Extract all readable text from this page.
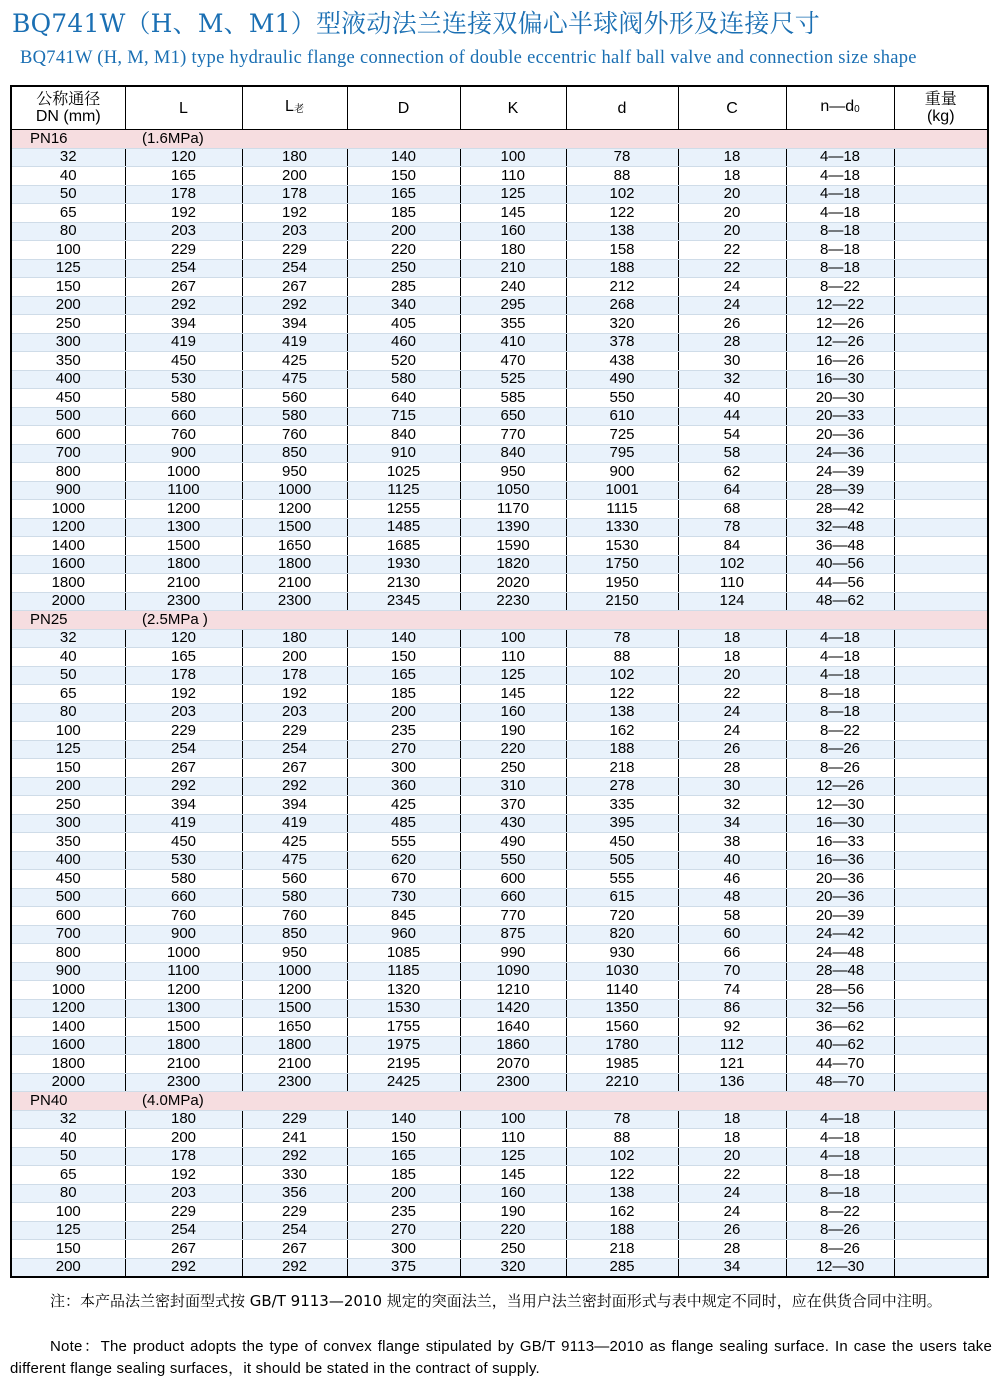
BQ741W（H、M、M1）型液动法兰连接双偏心半球阀外形及连接尺寸
BQ741W (H, M, M1) type hydraulic flange connection of double eccentric half ball valve and connection size shape
公称通径
DN (mm)	L	$L_老$	D	K	d	C	$n—d_0$	重量
(kg)
PN16 (1.6MPa)								
32	120	180	140	100	78	18	4—18	
40	165	200	150	110	88	18	4—18	
50	178	178	165	125	102	20	4—18	
65	192	192	185	145	122	20	4—18	
80	203	203	200	160	138	20	8—18	
100	229	229	220	180	158	22	8—18	
125	254	254	250	210	188	22	8—18	
150	267	267	285	240	212	24	8—22	
200	292	292	340	295	268	24	12—22	
250	394	394	405	355	320	26	12—26	
300	419	419	460	410	378	28	12—26	
350	450	425	520	470	438	30	16—26	
400	530	475	580	525	490	32	16—30	
450	580	560	640	585	550	40	20—30	
500	660	580	715	650	610	44	20—33	
600	760	760	840	770	725	54	20—36	
700	900	850	910	840	795	58	24—36	
800	1000	950	1025	950	900	62	24—39	
900	1100	1000	1125	1050	1001	64	28—39	
1000	1200	1200	1255	1170	1115	68	28—42	
1200	1300	1500	1485	1390	1330	78	32—48	
1400	1500	1650	1685	1590	1530	84	36—48	
1600	1800	1800	1930	1820	1750	102	40—56	
1800	2100	2100	2130	2020	1950	110	44—56	
2000	2300	2300	2345	2230	2150	124	48—62	
PN25 (2.5MPa )								
32	120	180	140	100	78	18	4—18	
40	165	200	150	110	88	18	4—18	
50	178	178	165	125	102	20	4—18	
65	192	192	185	145	122	22	8—18	
80	203	203	200	160	138	24	8—18	
100	229	229	235	190	162	24	8—22	
125	254	254	270	220	188	26	8—26	
150	267	267	300	250	218	28	8—26	
200	292	292	360	310	278	30	12—26	
250	394	394	425	370	335	32	12—30	
300	419	419	485	430	395	34	16—30	
350	450	425	555	490	450	38	16—33	
400	530	475	620	550	505	40	16—36	
450	580	560	670	600	555	46	20—36	
500	660	580	730	660	615	48	20—36	
600	760	760	845	770	720	58	20—39	
700	900	850	960	875	820	60	24—42	
800	1000	950	1085	990	930	66	24—48	
900	1100	1000	1185	1090	1030	70	28—48	
1000	1200	1200	1320	1210	1140	74	28—56	
1200	1300	1500	1530	1420	1350	86	32—56	
1400	1500	1650	1755	1640	1560	92	36—62	
1600	1800	1800	1975	1860	1780	112	40—62	
1800	2100	2100	2195	2070	1985	121	44—70	
2000	2300	2300	2425	2300	2210	136	48—70	
PN40 (4.0MPa)								
32	180	229	140	100	78	18	4—18	
40	200	241	150	110	88	18	4—18	
50	178	292	165	125	102	20	4—18	
65	192	330	185	145	122	22	8—18	
80	203	356	200	160	138	24	8—18	
100	229	229	235	190	162	24	8—22	
125	254	254	270	220	188	26	8—26	
150	267	267	300	250	218	28	8—26	
200	292	292	375	320	285	34	12—30	

注：本产品法兰密封面型式按 GB/T 9113—2010 规定的突面法兰，当用户法兰密封面形式与表中规定不同时，应在供货合同中注明。
Note：The product adopts the type of convex flange stipulated by GB/T 9113—2010 as flange sealing surface. In case the users take different flange sealing surfaces，it should be stated in the contract of supply.
